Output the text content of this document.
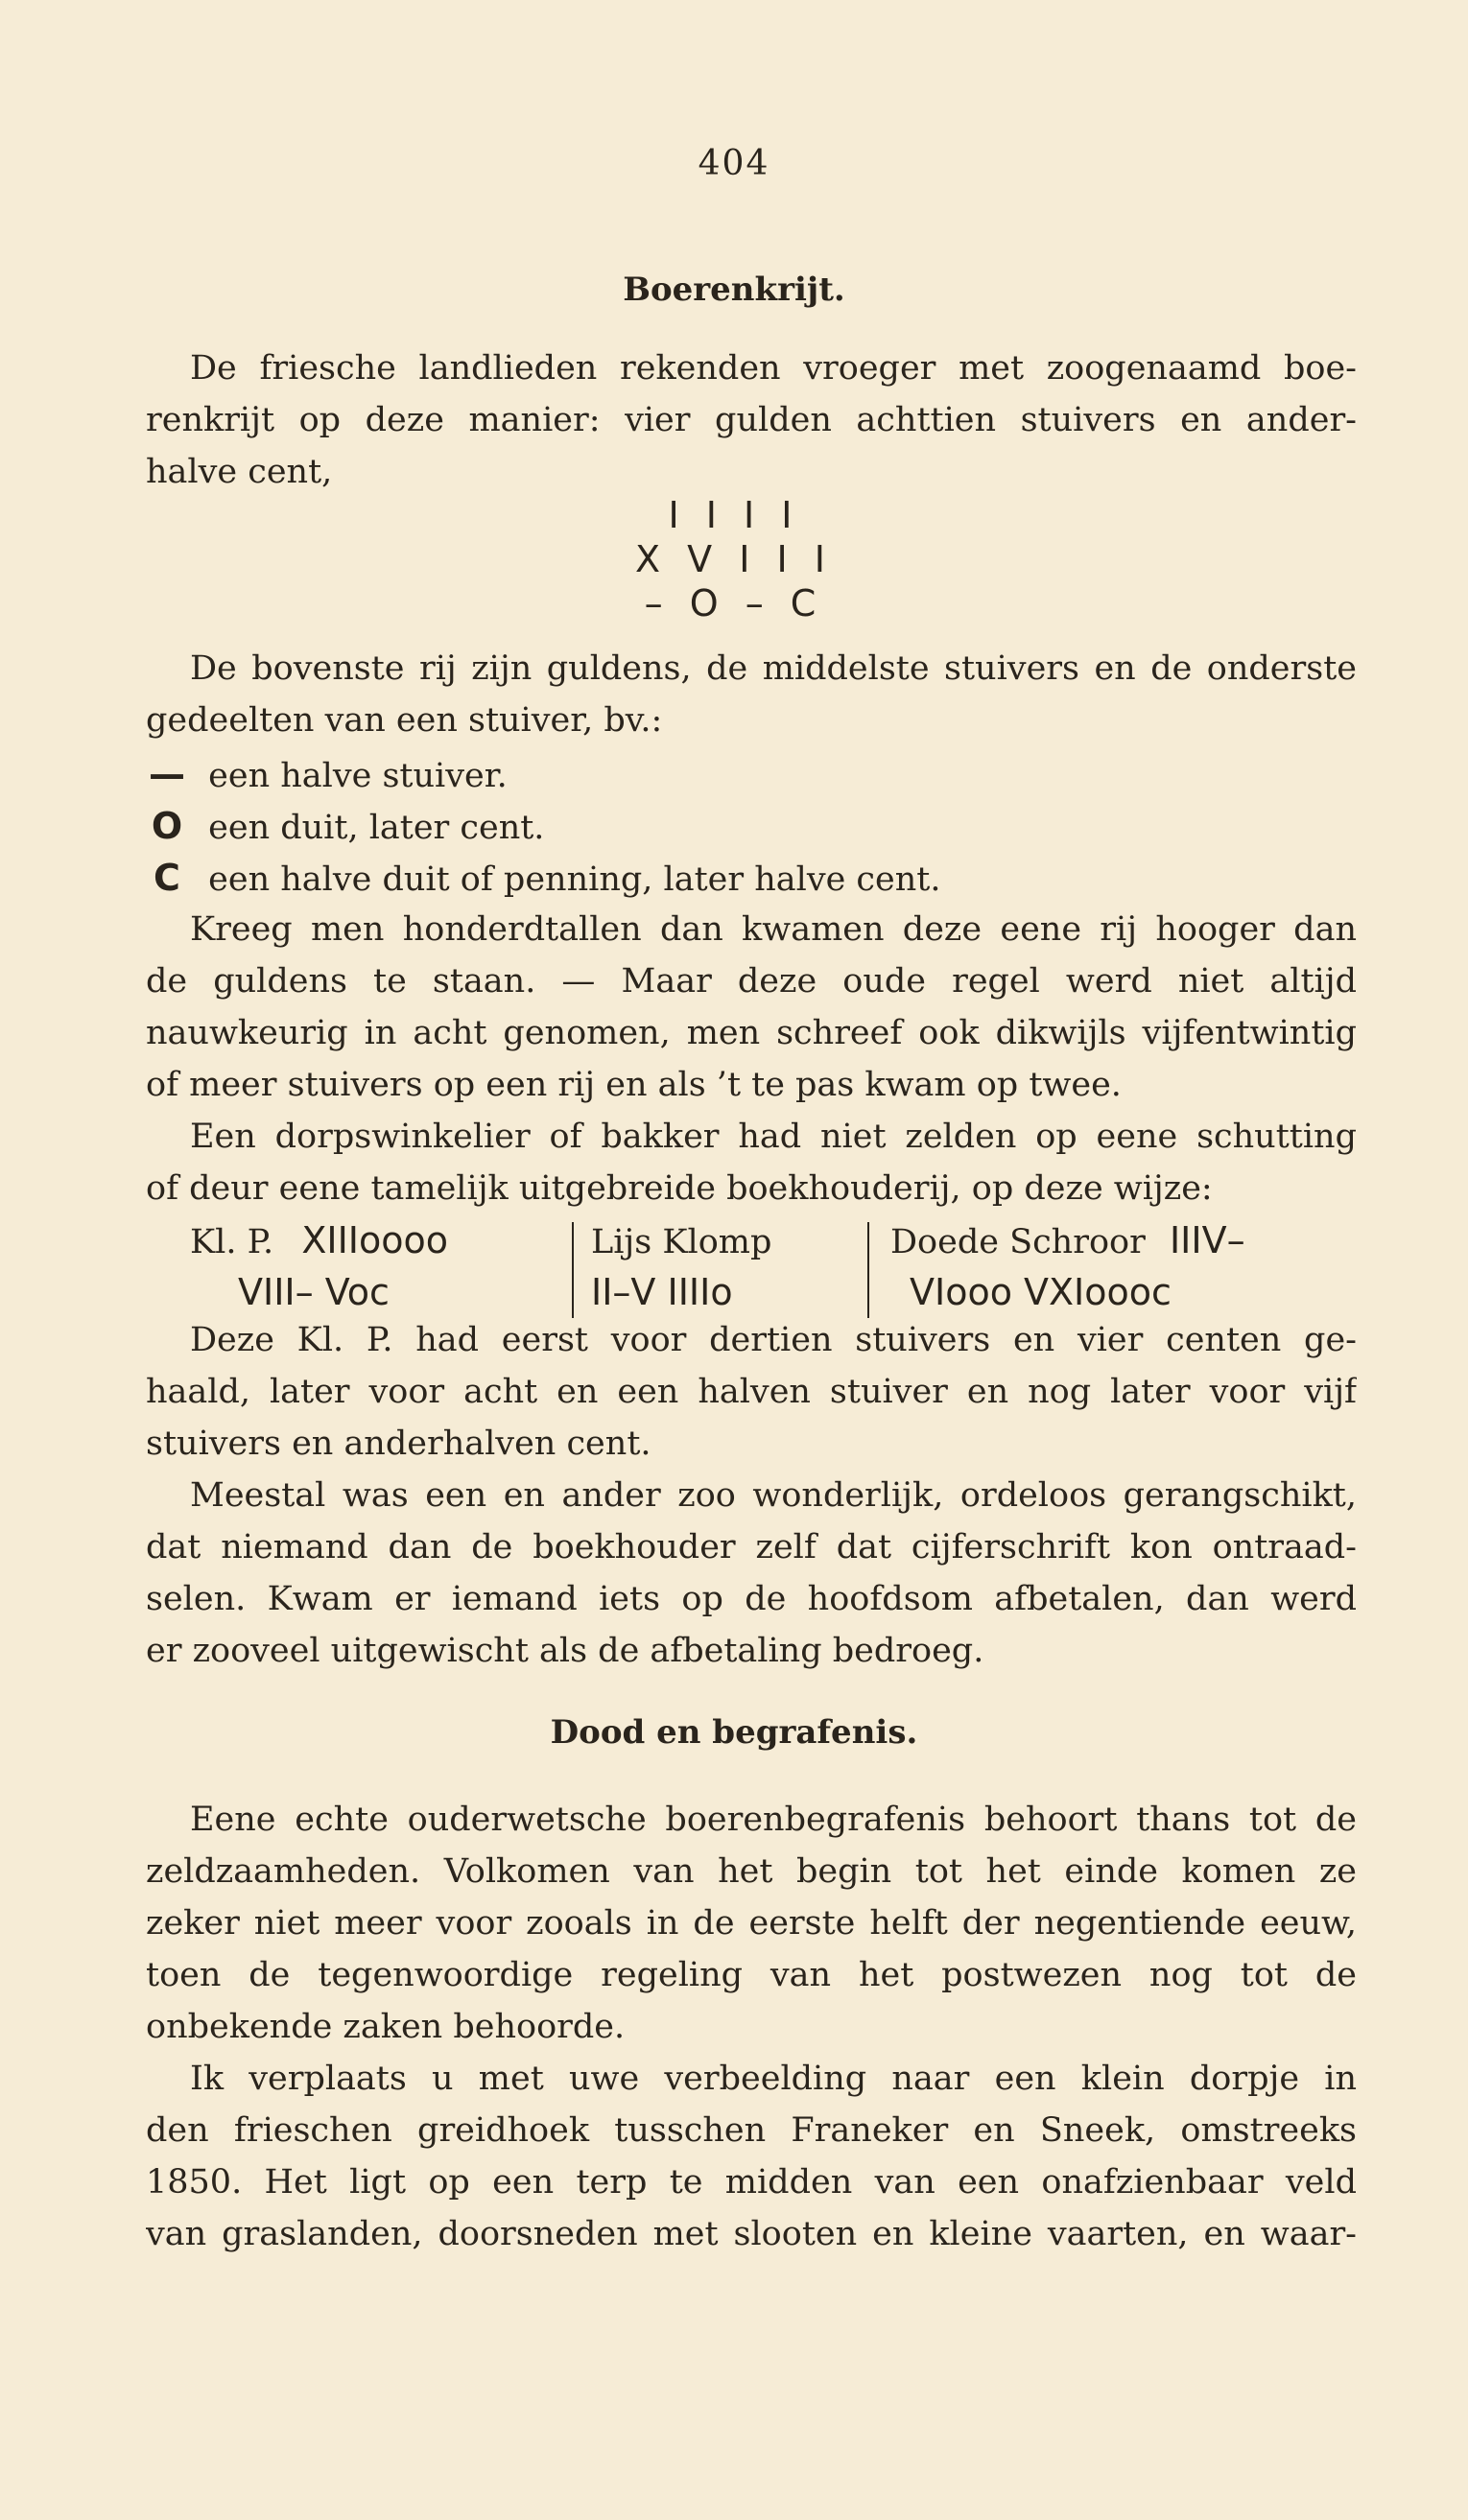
404
Boerenkrijt.
De friesche landlieden rekenden vroeger met zoogenaamd boe-
renkrijt op deze manier: vier gulden achttien stuivers en ander-
halve cent,
I I I I
X V I I I
– O – C
De bovenste rij zijn guldens, de middelste stuivers en de onderste
gedeelten van een stuiver, bv.:
— een halve stuiver.
O een duit, later cent.
C een halve duit of penning, later halve cent.
Kreeg men honderdtallen dan kwamen deze eene rij hooger dan
de guldens te staan. — Maar deze oude regel werd niet altijd
nauwkeurig in acht genomen, men schreef ook dikwijls vijfentwintig
of meer stuivers op een rij en als ’t te pas kwam op twee.
Een dorpswinkelier of bakker had niet zelden op eene schutting
of deur eene tamelijk uitgebreide boekhouderij, op deze wijze:
Kl. P. XIIIoooo
VIII– Voc
Lijs Klomp
II–V IIIIo
Doede Schroor IIIV–
VIooo VXIoooc
Deze Kl. P. had eerst voor dertien stuivers en vier centen ge-
haald, later voor acht en een halven stuiver en nog later voor vijf
stuivers en anderhalven cent.
Meestal was een en ander zoo wonderlijk, ordeloos gerangschikt,
dat niemand dan de boekhouder zelf dat cijferschrift kon ontraad-
selen. Kwam er iemand iets op de hoofdsom afbetalen, dan werd
er zooveel uitgewischt als de afbetaling bedroeg.
Dood en begrafenis.
Eene echte ouderwetsche boerenbegrafenis behoort thans tot de
zeldzaamheden. Volkomen van het begin tot het einde komen ze
zeker niet meer voor zooals in de eerste helft der negentiende eeuw,
toen de tegenwoordige regeling van het postwezen nog tot de
onbekende zaken behoorde.
Ik verplaats u met uwe verbeelding naar een klein dorpje in
den frieschen greidhoek tusschen Franeker en Sneek, omstreeks
1850. Het ligt op een terp te midden van een onafzienbaar veld
van graslanden, doorsneden met slooten en kleine vaarten, en waar-
